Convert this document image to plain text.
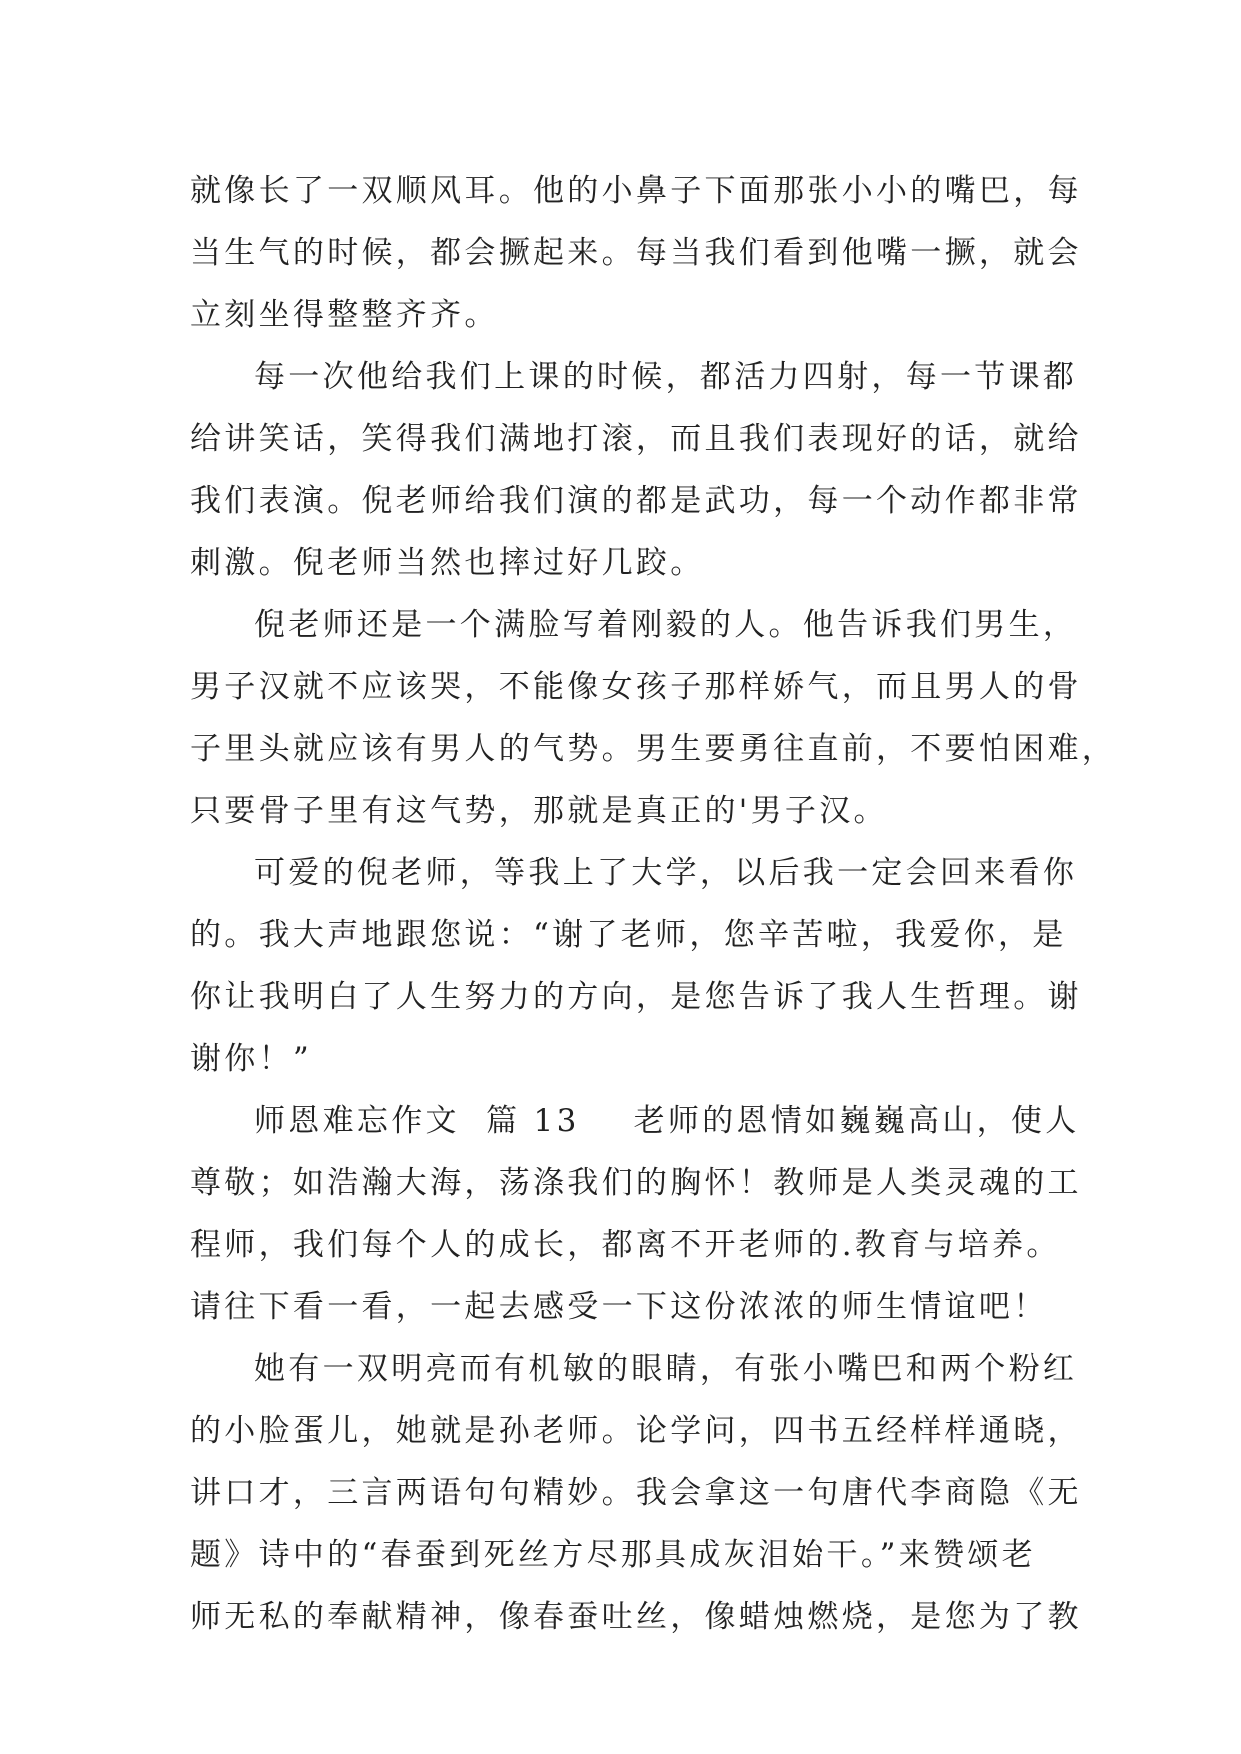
就像长了一双顺风耳。他的小鼻子下面那张小小的嘴巴，每
当生气的时候，都会撅起来。每当我们看到他嘴一撅，就会
立刻坐得整整齐齐。
每一次他给我们上课的时候，都活力四射，每一节课都
给讲笑话，笑得我们满地打滚，而且我们表现好的话，就给
我们表演。倪老师给我们演的都是武功，每一个动作都非常
刺激。倪老师当然也摔过好几跤。
倪老师还是一个满脸写着刚毅的人。他告诉我们男生，
男子汉就不应该哭，不能像女孩子那样娇气，而且男人的骨
子里头就应该有男人的气势。男生要勇往直前，不要怕困难，
只要骨子里有这气势，那就是真正的'男子汉。
可爱的倪老师，等我上了大学，以后我一定会回来看你
的。我大声地跟您说：“谢了老师，您辛苦啦，我爱你，是
你让我明白了人生努力的方向，是您告诉了我人生哲理。谢
谢你！”
师恩难忘作文  篇 13 老师的恩情如巍巍高山，使人
尊敬；如浩瀚大海，荡涤我们的胸怀！教师是人类灵魂的工
程师，我们每个人的成长，都离不开老师的.教育与培养。
请往下看一看，一起去感受一下这份浓浓的师生情谊吧！
她有一双明亮而有机敏的眼睛，有张小嘴巴和两个粉红
的小脸蛋儿，她就是孙老师。论学问，四书五经样样通晓，
讲口才，三言两语句句精妙。我会拿这一句唐代李商隐《无
题》诗中的“春蚕到死丝方尽那具成灰泪始干。”来赞颂老
师无私的奉献精神，像春蚕吐丝，像蜡烛燃烧，是您为了教
